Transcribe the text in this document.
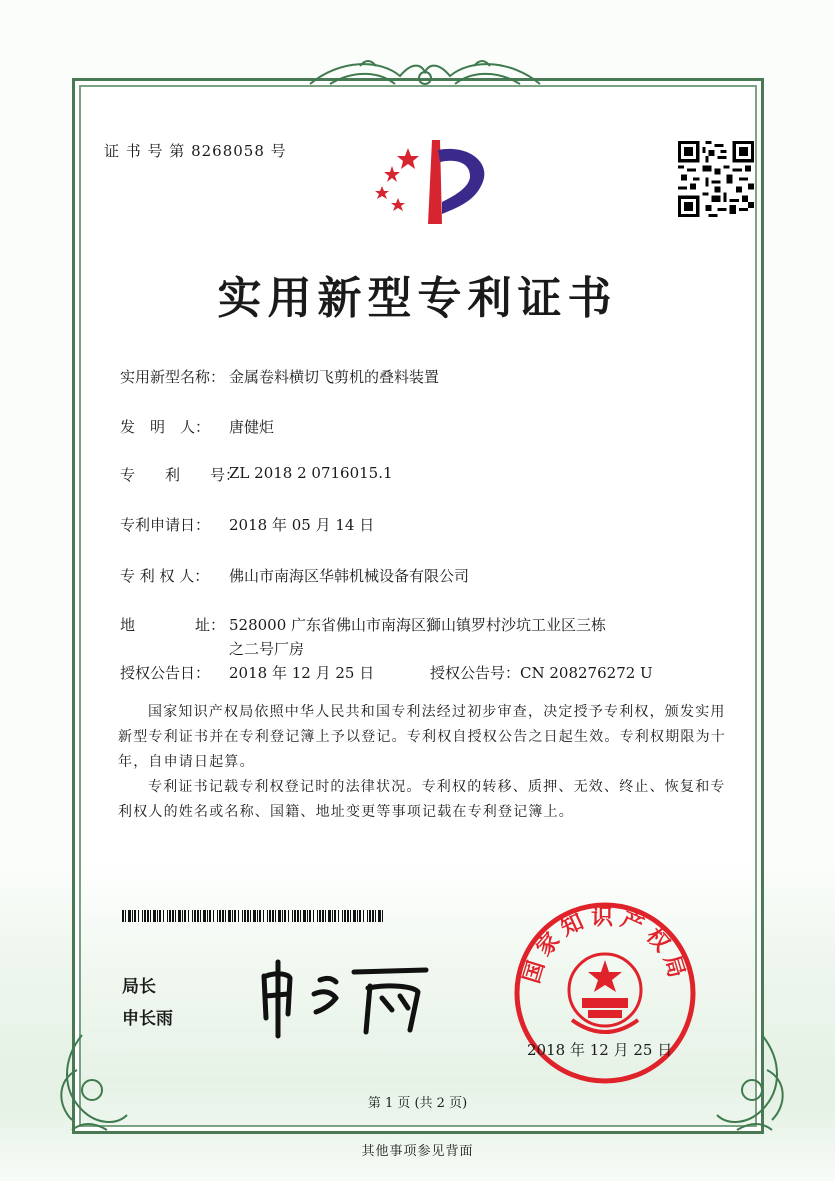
证 书 号 第 8268058 号
实用新型专利证书
实用新型名称： 金属卷料横切飞剪机的叠料装置
发　明　人： 唐健炬
专　　利　　号：
ZL 2018 2 0716015.1
专利申请日： 2018 年 05 月 14 日
专 利 权 人： 佛山市南海区华韩机械设备有限公司
地　　　　址： 528000 广东省佛山市南海区獅山镇罗村沙坑工业区三栋
之二号厂房
授权公告日： 2018 年 12 月 25 日	授权公告号：CN 208276272 U

国家知识产权局依照中华人民共和国专利法经过初步审查，决定授予专利权，颁发实用新型专利证书并在专利登记簿上予以登记。专利权自授权公告之日起生效。专利权期限为十年，自申请日起算。

专利证书记载专利权登记时的法律状况。专利权的转移、质押、无效、终止、恢复和专利权人的姓名或名称、国籍、地址变更等事项记载在专利登记簿上。

局长
申长雨
国家知识产权局
2018 年 12 月 25 日
第 1 页 (共 2 页)
其他事项参见背面
